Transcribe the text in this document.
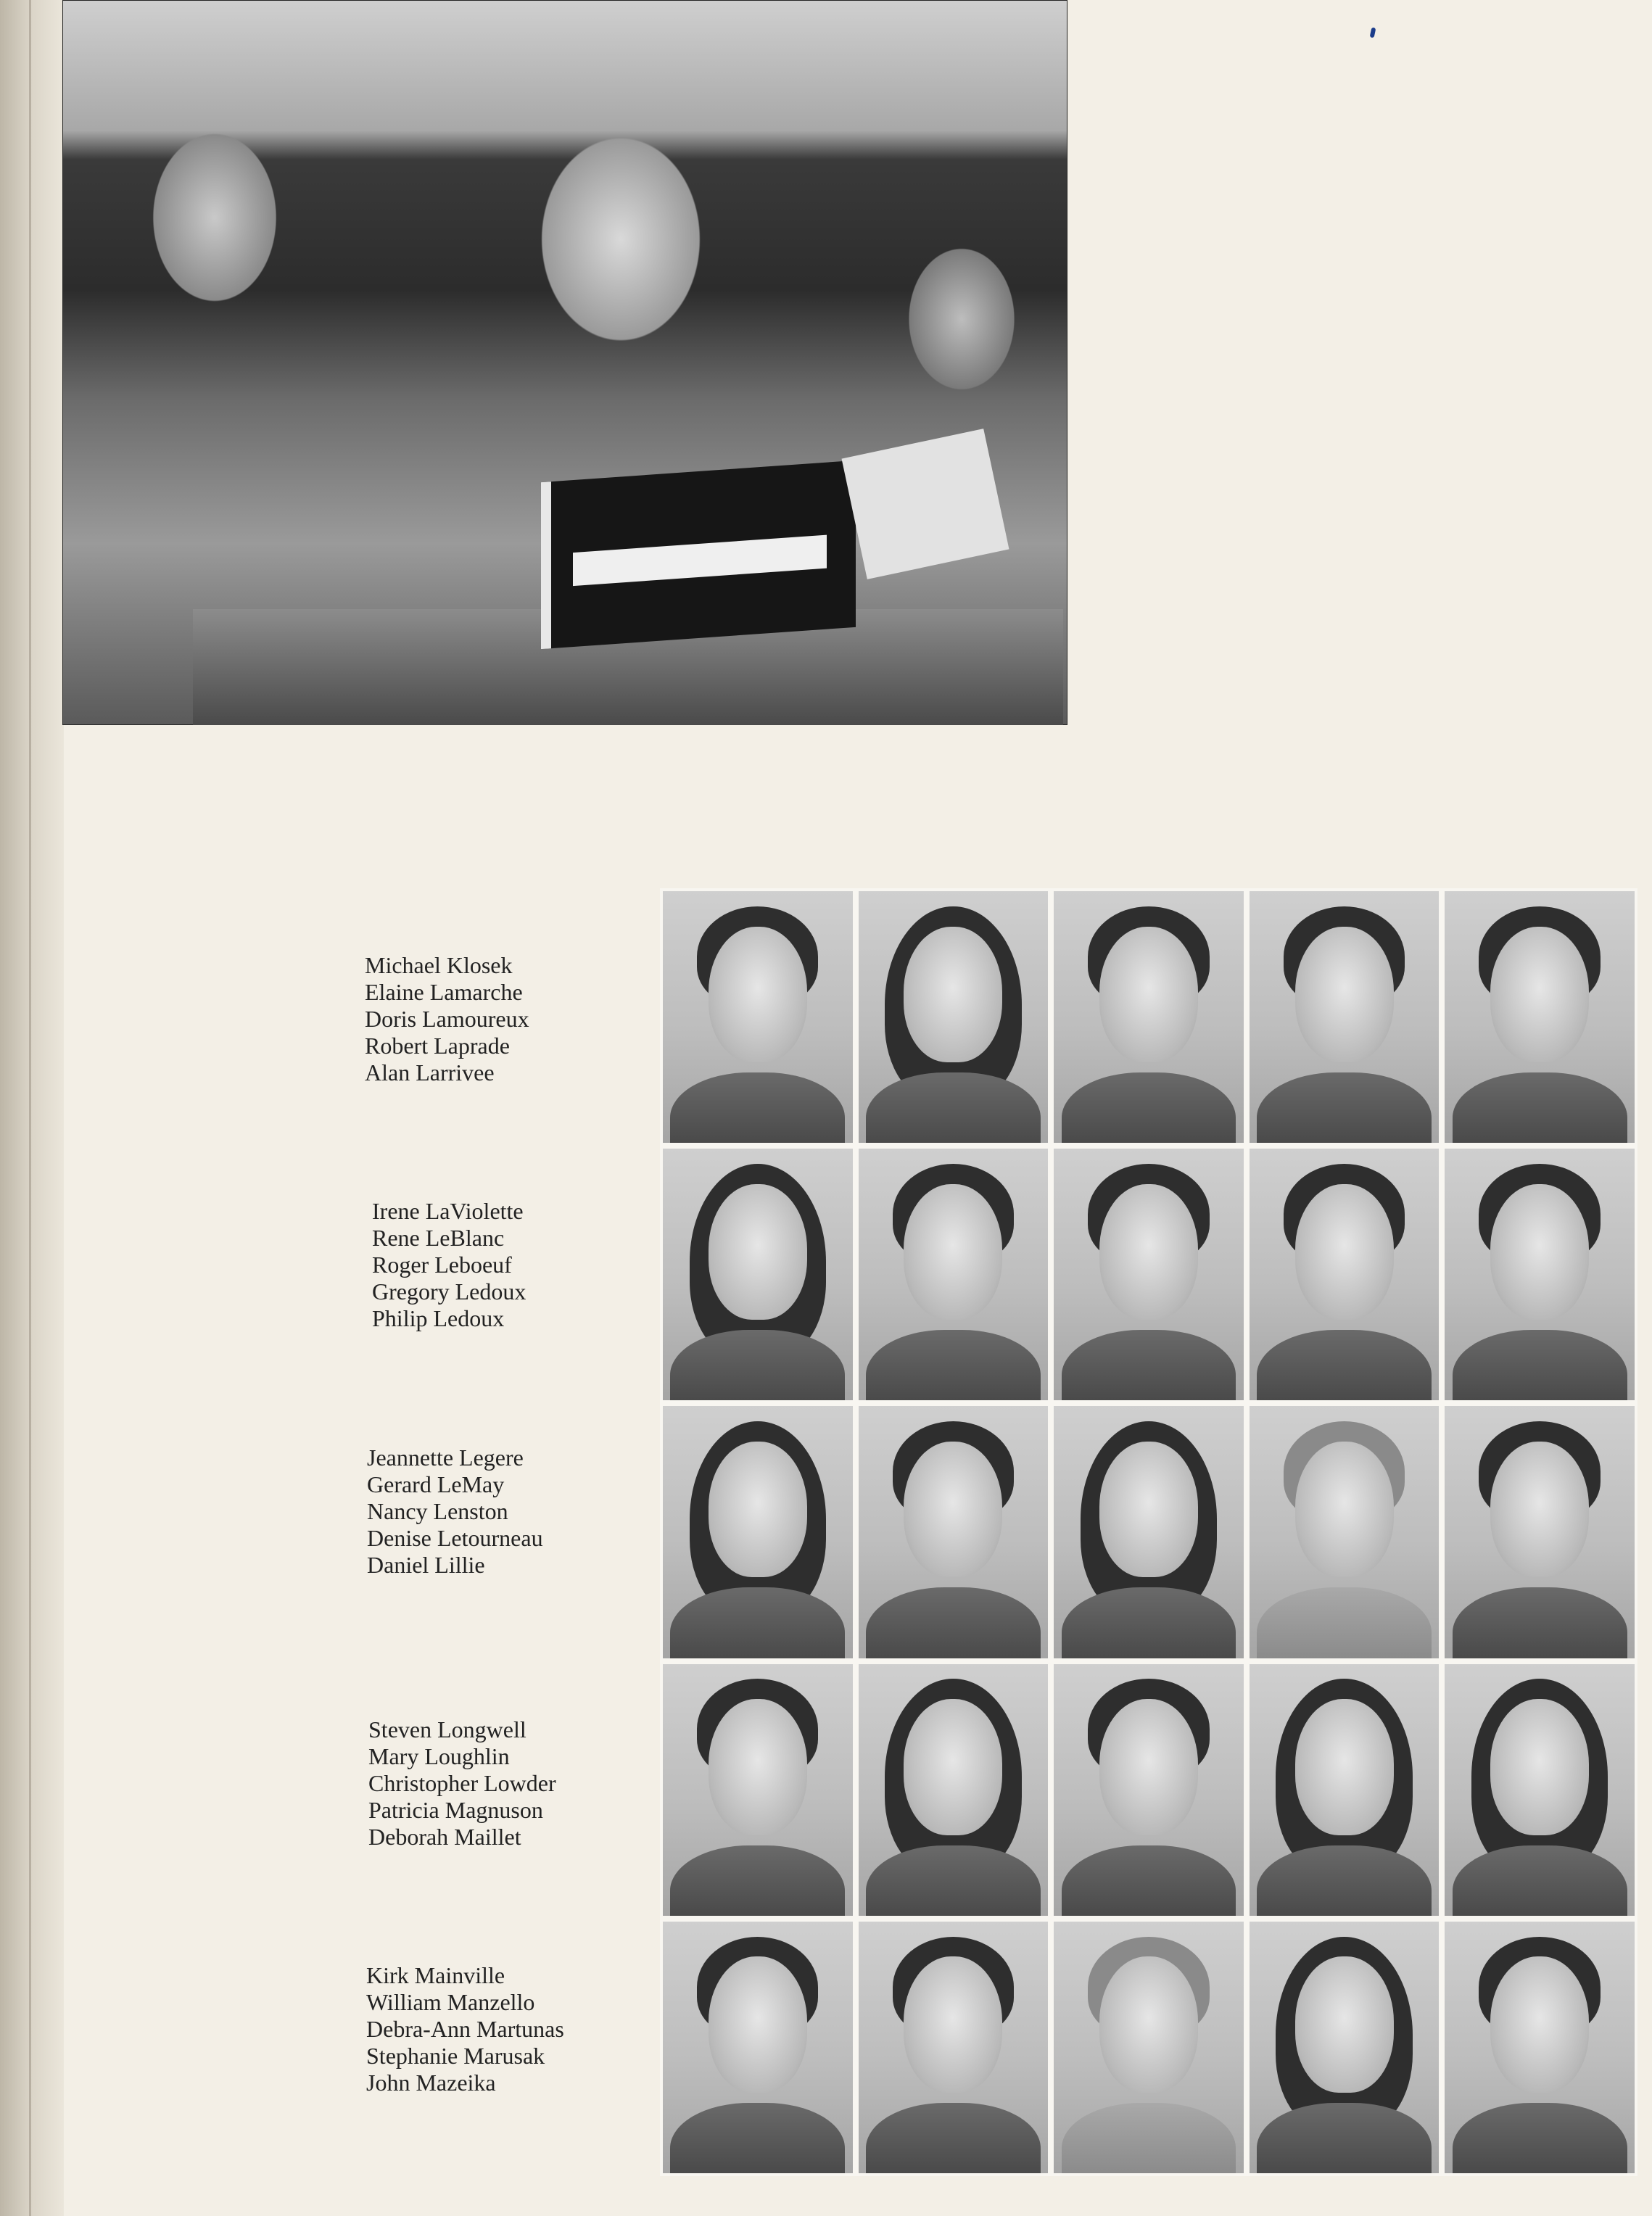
Michael Klosek
Elaine Lamarche
Doris Lamoureux
Robert Laprade
Alan Larrivee
Irene LaViolette
Rene LeBlanc
Roger Leboeuf
Gregory Ledoux
Philip Ledoux
Jeannette Legere
Gerard LeMay
Nancy Lenston
Denise Letourneau
Daniel Lillie
Steven Longwell
Mary Loughlin
Christopher Lowder
Patricia Magnuson
Deborah Maillet
Kirk Mainville
William Manzello
Debra-Ann Martunas
Stephanie Marusak
John Mazeika
